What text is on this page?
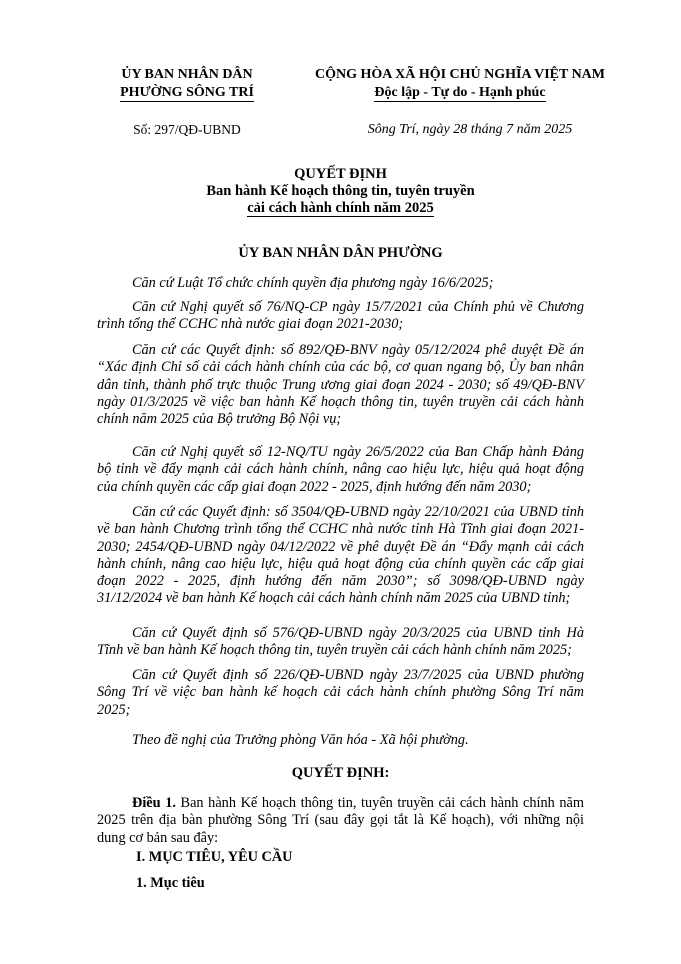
ỦY BAN NHÂN DÂN
PHƯỜNG SÔNG TRÍ
CỘNG HÒA XÃ HỘI CHỦ NGHĨA VIỆT NAM
Độc lập - Tự do - Hạnh phúc
Số: 297/QĐ-UBND	Sông Trí, ngày 28 tháng 7 năm 2025
QUYẾT ĐỊNH
Ban hành Kế hoạch thông tin, tuyên truyền
cải cách hành chính năm 2025
ỦY BAN NHÂN DÂN PHƯỜNG

Căn cứ Luật Tổ chức chính quyền địa phương ngày 16/6/2025;

Căn cứ Nghị quyết số 76/NQ-CP ngày 15/7/2021 của Chính phủ về Chương trình tổng thể CCHC nhà nước giai đoạn 2021-2030;

Căn cứ các Quyết định: số 892/QĐ-BNV ngày 05/12/2024 phê duyệt Đề án “Xác định Chỉ số cải cách hành chính của các bộ, cơ quan ngang bộ, Ủy ban nhân dân tỉnh, thành phố trực thuộc Trung ương giai đoạn 2024 - 2030; số 49/QĐ-BNV ngày 01/3/2025 về việc ban hành Kế hoạch thông tin, tuyên truyền cải cách hành chính năm 2025 của Bộ trưởng Bộ Nội vụ;

Căn cứ Nghị quyết số 12-NQ/TU ngày 26/5/2022 của Ban Chấp hành Đảng bộ tỉnh về đẩy mạnh cải cách hành chính, nâng cao hiệu lực, hiệu quả hoạt động của chính quyền các cấp giai đoạn 2022 - 2025, định hướng đến năm 2030;

Căn cứ các Quyết định: số 3504/QĐ-UBND ngày 22/10/2021 của UBND tỉnh về ban hành Chương trình tổng thể CCHC nhà nước tỉnh Hà Tĩnh giai đoạn 2021-2030; 2454/QĐ-UBND ngày 04/12/2022 về phê duyệt Đề án “Đẩy mạnh cải cách hành chính, nâng cao hiệu lực, hiệu quả hoạt động của chính quyền các cấp giai đoạn 2022 - 2025, định hướng đến năm 2030”; số 3098/QĐ-UBND ngày 31/12/2024 về ban hành Kế hoạch cải cách hành chính năm 2025 của UBND tỉnh;

Căn cứ Quyết định số 576/QĐ-UBND ngày 20/3/2025 của UBND tỉnh Hà Tĩnh về ban hành Kế hoạch thông tin, tuyên truyền cải cách hành chính năm 2025;

Căn cứ Quyết định số 226/QĐ-UBND ngày 23/7/2025 của UBND phường Sông Trí về việc ban hành kế hoạch cải cách hành chính phường Sông Trí năm 2025;

Theo đề nghị của Trưởng phòng Văn hóa - Xã hội phường.

QUYẾT ĐỊNH:

Điều 1. Ban hành Kế hoạch thông tin, tuyên truyền cải cách hành chính năm 2025 trên địa bàn phường Sông Trí (sau đây gọi tắt là Kế hoạch), với những nội dung cơ bản sau đây:

I. MỤC TIÊU, YÊU CẦU
1. Mục tiêu
